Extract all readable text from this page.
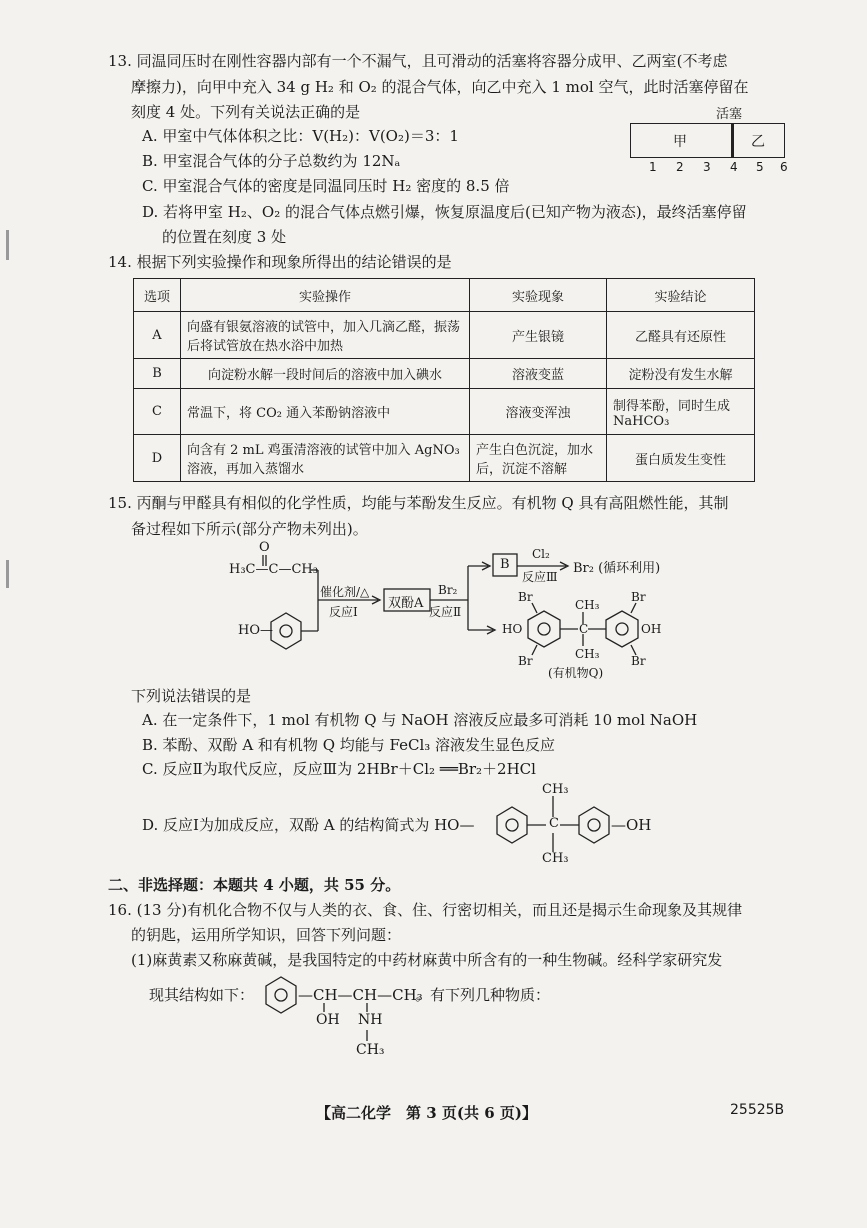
13. 同温同压时在刚性容器内部有一个不漏气，且可滑动的活塞将容器分成甲、乙两室(不考虑
摩擦力)，向甲中充入 34 g H₂ 和 O₂ 的混合气体，向乙中充入 1 mol 空气，此时活塞停留在
刻度 4 处。下列有关说法正确的是	活塞
甲	乙
1 2 3 4 5 6
A. 甲室中气体体积之比：V(H₂)：V(O₂)＝3：1
B. 甲室混合气体的分子总数约为 12Nₐ
C. 甲室混合气体的密度是同温同压时 H₂ 密度的 8.5 倍
D. 若将甲室 H₂、O₂ 的混合气体点燃引爆，恢复原温度后(已知产物为液态)，最终活塞停留
的位置在刻度 3 处
14. 根据下列实验操作和现象所得出的结论错误的是
选项	实验操作	实验现象	实验结论
A	向盛有银氨溶液的试管中，加入几滴乙醛，振荡后将试管放在热水浴中加热	产生银镜	乙醛具有还原性
B	向淀粉水解一段时间后的溶液中加入碘水	溶液变蓝	淀粉没有发生水解
C	常温下，将 CO₂ 通入苯酚钠溶液中	溶液变浑浊	制得苯酚，同时生成 NaHCO₃
D	向含有 2 mL 鸡蛋清溶液的试管中加入 AgNO₃ 溶液，再加入蒸馏水	产生白色沉淀，加水后，沉淀不溶解	蛋白质发生变性
15. 丙酮与甲醛具有相似的化学性质，均能与苯酚发生反应。有机物 Q 具有高阻燃性能，其制
备过程如下所示(部分产物未列出)。
O
H₃C—C—CH₃
HO—
催化剂/△
反应Ⅰ
双酚A
Br₂
反应Ⅱ
B
Cl₂
反应Ⅲ
Br₂ (循环利用)
Br	Br
Br	Br
HO	OH
C
CH₃
CH₃
(有机物Q)
下列说法错误的是
A. 在一定条件下，1 mol 有机物 Q 与 NaOH 溶液反应最多可消耗 10 mol NaOH
B. 苯酚、双酚 A 和有机物 Q 均能与 FeCl₃ 溶液发生显色反应
C. 反应Ⅱ为取代反应，反应Ⅲ为 2HBr＋Cl₂ ══Br₂＋2HCl
CH₃
D. 反应Ⅰ为加成反应，双酚 A 的结构简式为 HO—	C	—OH
CH₃
二、非选择题：本题共 4 小题，共 55 分。
16. (13 分)有机化合物不仅与人类的衣、食、住、行密切相关，而且还是揭示生命现象及其规律
的钥匙，运用所学知识，回答下列问题：
(1)麻黄素又称麻黄碱，是我国特定的中药材麻黄中所含有的一种生物碱。经科学家研究发
现其结构如下：	—CH—CH—CH₃
。有下列几种物质：
OH NH
CH₃
【高二化学　第 3 页(共 6 页)】	25525B
